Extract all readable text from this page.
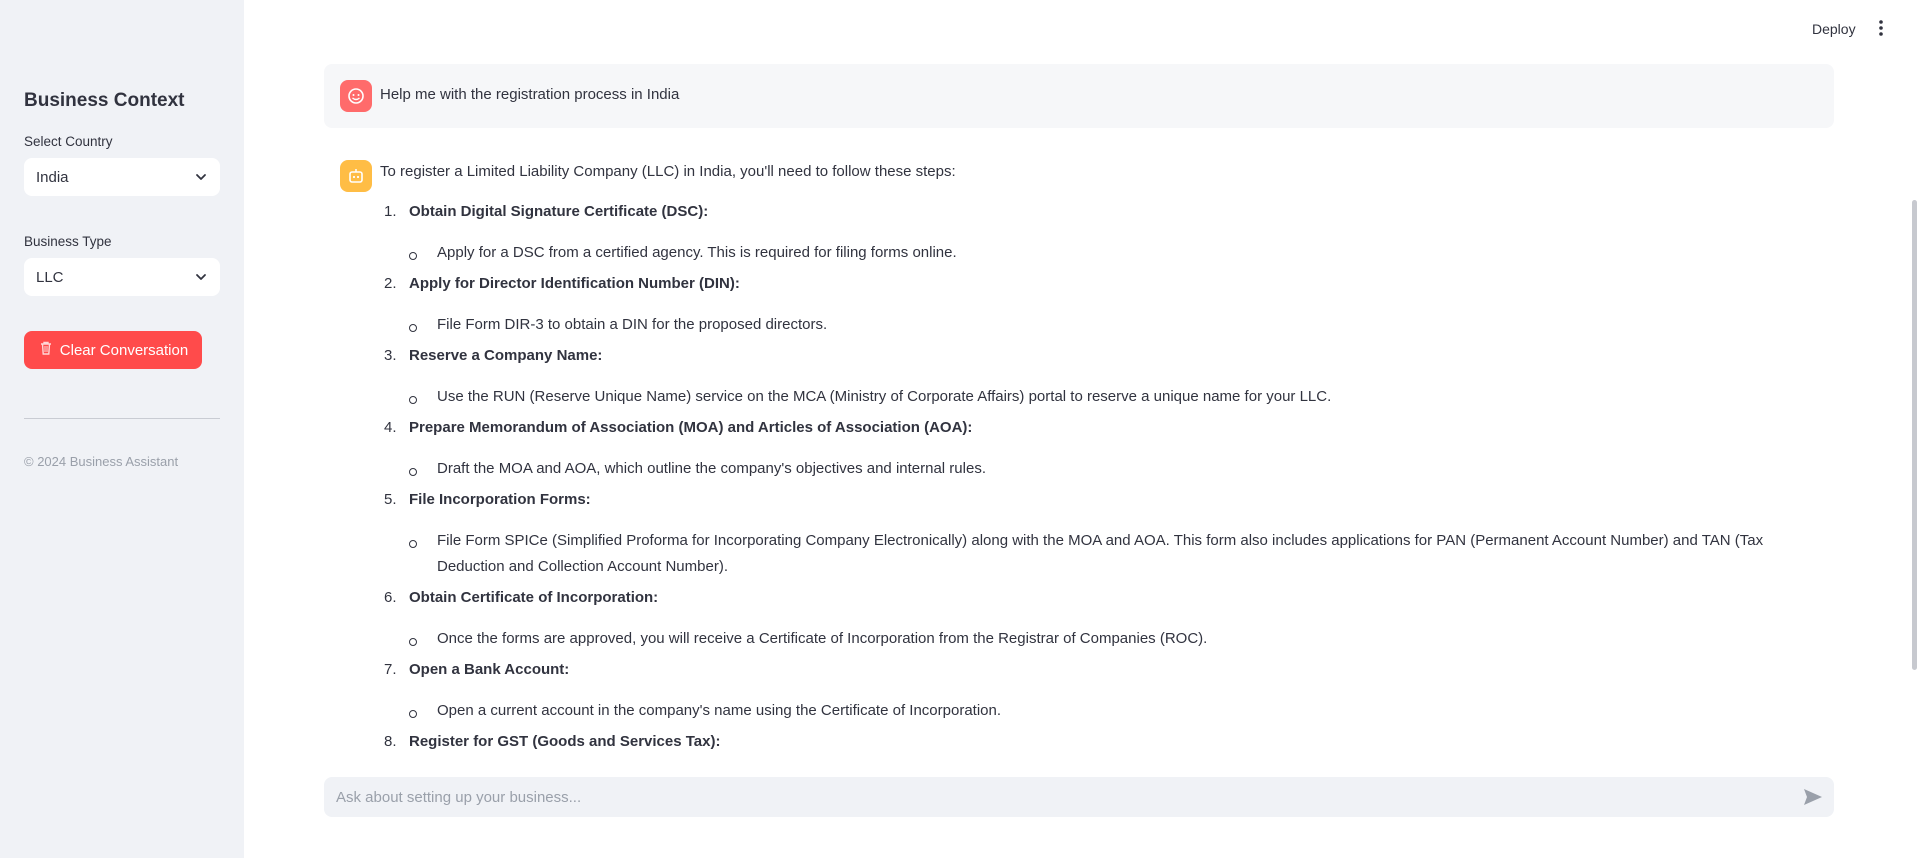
Business Context
Select Country
India
Business Type
LLC
Clear Conversation
© 2024 Business Assistant
Deploy
Help me with the registration process in India
To register a Limited Liability Company (LLC) in India, you'll need to follow these steps:
1. Obtain Digital Signature Certificate (DSC):
Apply for a DSC from a certified agency. This is required for filing forms online.
2. Apply for Director Identification Number (DIN):
File Form DIR-3 to obtain a DIN for the proposed directors.
3. Reserve a Company Name:
Use the RUN (Reserve Unique Name) service on the MCA (Ministry of Corporate Affairs) portal to reserve a unique name for your LLC.
4. Prepare Memorandum of Association (MOA) and Articles of Association (AOA):
Draft the MOA and AOA, which outline the company's objectives and internal rules.
5. File Incorporation Forms:
File Form SPICe (Simplified Proforma for Incorporating Company Electronically) along with the MOA and AOA. This form also includes applications for PAN (Permanent Account Number) and TAN (Tax Deduction and Collection Account Number).
6. Obtain Certificate of Incorporation:
Once the forms are approved, you will receive a Certificate of Incorporation from the Registrar of Companies (ROC).
7. Open a Bank Account:
Open a current account in the company's name using the Certificate of Incorporation.
8. Register for GST (Goods and Services Tax):
Ask about setting up your business...
